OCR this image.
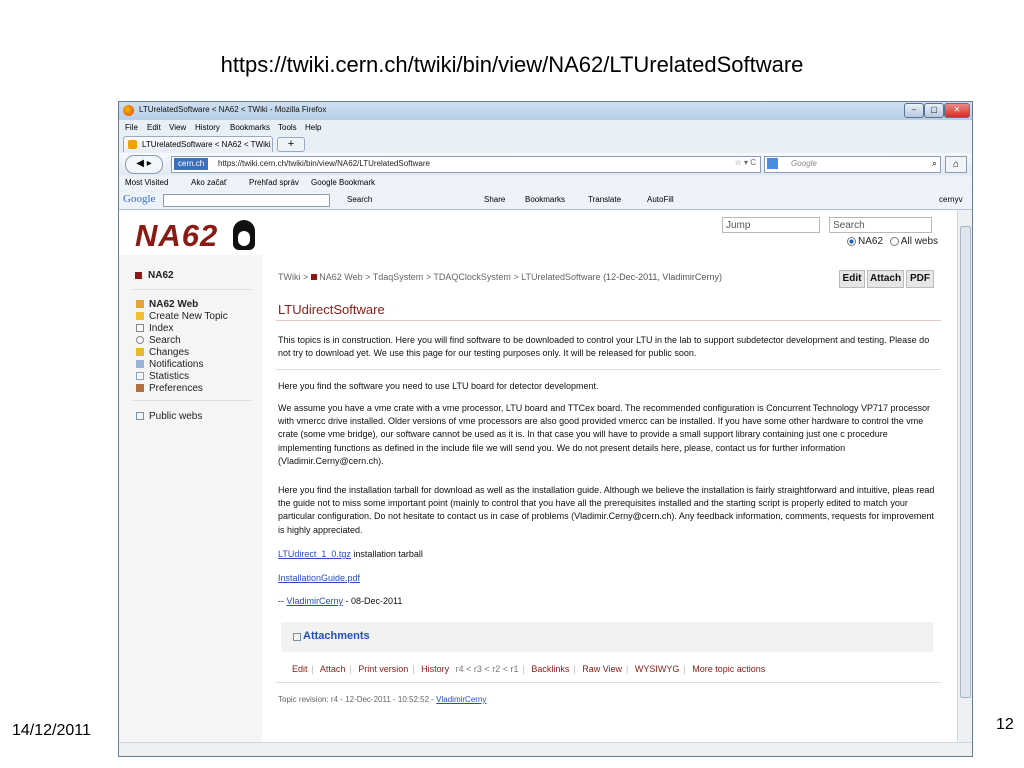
https://twiki.cern.ch/twiki/bin/view/NA62/LTUrelatedSoftware
LTUrelatedSoftware < NA62 < TWiki - Mozilla Firefox	–	▢	✕
File Edit View History Bookmarks Tools Help
LTUrelatedSoftware < NA62 < TWiki	+
◀ ▸	cern.ch	https://twiki.cern.ch/twiki/bin/view/NA62/LTUrelatedSoftware	☆ ▾ C	Google	⌕	⌂
Most Visited	Ako začať	Prehľad správ Google Bookmark
Google	Search	Share Bookmarks	Translate	AutoFill	cernyv
NA62	Jump	Search
NA62 All webs
NA62
NA62 Web
Create New Topic
Index
Search
Changes
Notifications
Statistics
Preferences
Public webs
TWiki >  NA62 Web > TdaqSystem > TDAQClockSystem > LTUrelatedSoftware (12-Dec-2011, VladimirCerny)	Edit Attach PDF
LTUdirectSoftware
This topics is in construction. Here you will find software to be downloaded to control your LTU in the lab to support subdetector development and testing. Please do not try to download yet. We use this page for our testing purposes only. It will be released for public soon.
Here you find the software you need to use LTU board for detector development.
We assume you have a vme crate with a vme processor, LTU board and TTCex board. The recommended configuration is Concurrent Technology VP717 processor with vmercc drive installed. Older versions of vme processors are also good provided vmercc can be installed. If you have some other hardware to control the vme crate (some vme bridge), our software cannot be used as it is. In that case you will have to provide a small support library containing just one c procedure implementing functions as defined in the include file we will send you. We do not present details here, please, contact us for further information (Vladimir.Cerny@cern.ch).
Here you find the installation tarball for download as well as the installation guide. Although we believe the installation is fairly straightforward and intuitive, pleas read the guide not to miss some important point (mainly to control that you have all the prerequisites installed and the starting script is properly edited to match your particular configuration. Do not hesitate to contact us in case of problems (Vladimir.Cerny@cern.ch). Any feedback information, comments, requests for improvement is highly appreciated.
LTUdirect_1_0.tgz installation tarball
InstallationGuide.pdf
-- VladimirCerny - 08-Dec-2011
Attachments
Edit | Attach | Print version | History r4 < r3 < r2 < r1 | Backlinks | Raw View | WYSIWYG | More topic actions
Topic revision: r4 - 12-Dec-2011 - 10:52:52 - VladimirCerny
14/12/2011	12
